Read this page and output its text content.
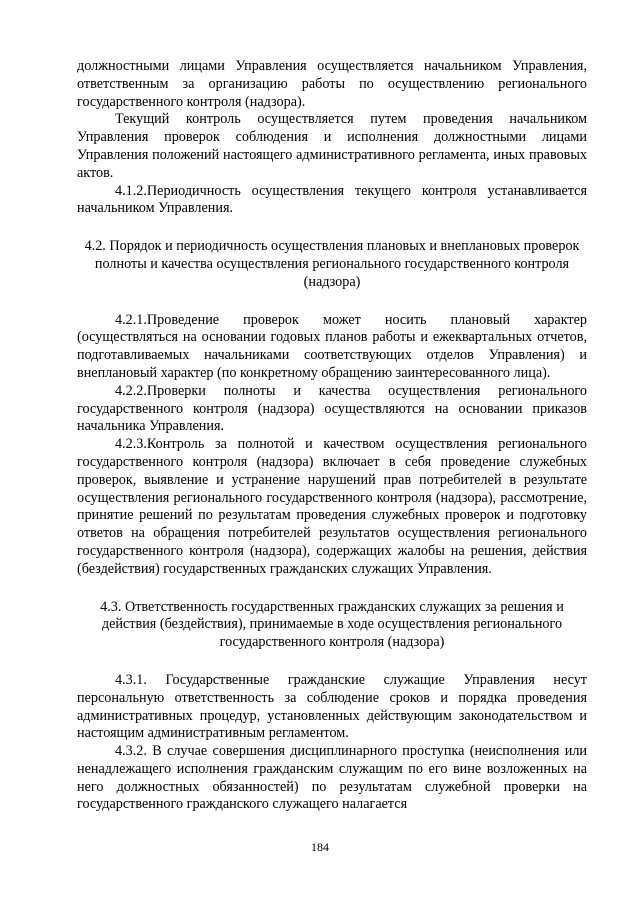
должностными лицами Управления осуществляется начальником Управления, ответственным за организацию работы по осуществлению регионального государственного контроля (надзора).

Текущий контроль осуществляется путем проведения начальником Управления проверок соблюдения и исполнения должностными лицами Управления положений настоящего административного регламента, иных правовых актов.

4.1.2.Периодичность осуществления текущего контроля устанавливается начальником Управления.

4.2. Порядок и периодичность осуществления плановых и внеплановых проверок полноты и качества осуществления регионального государственного контроля (надзора)

4.2.1.Проведение проверок может носить плановый характер (осуществляться на основании годовых планов работы и ежеквартальных отчетов, подготавливаемых начальниками соответствующих отделов Управления) и внеплановый характер (по конкретному обращению заинтересованного лица).

4.2.2.Проверки полноты и качества осуществления регионального государственного контроля (надзора) осуществляются на основании приказов начальника Управления.

4.2.3.Контроль за полнотой и качеством осуществления регионального государственного контроля (надзора) включает в себя проведение служебных проверок, выявление и устранение нарушений прав потребителей в результате осуществления регионального государственного контроля (надзора), рассмотрение, принятие решений по результатам проведения служебных проверок и подготовку ответов на обращения потребителей результатов осуществления регионального государственного контроля (надзора), содержащих жалобы на решения, действия (бездействия) государственных гражданских служащих Управления.

4.3. Ответственность государственных гражданских служащих за решения и действия (бездействия), принимаемые в ходе осуществления регионального государственного контроля (надзора)

4.3.1. Государственные гражданские служащие Управления несут персональную ответственность за соблюдение сроков и порядка проведения административных процедур, установленных действующим законодательством и настоящим административным регламентом.

4.3.2. В случае совершения дисциплинарного проступка (неисполнения или ненадлежащего исполнения гражданским служащим по его вине возложенных на него должностных обязанностей) по результатам служебной проверки на государственного гражданского служащего налагается

184
